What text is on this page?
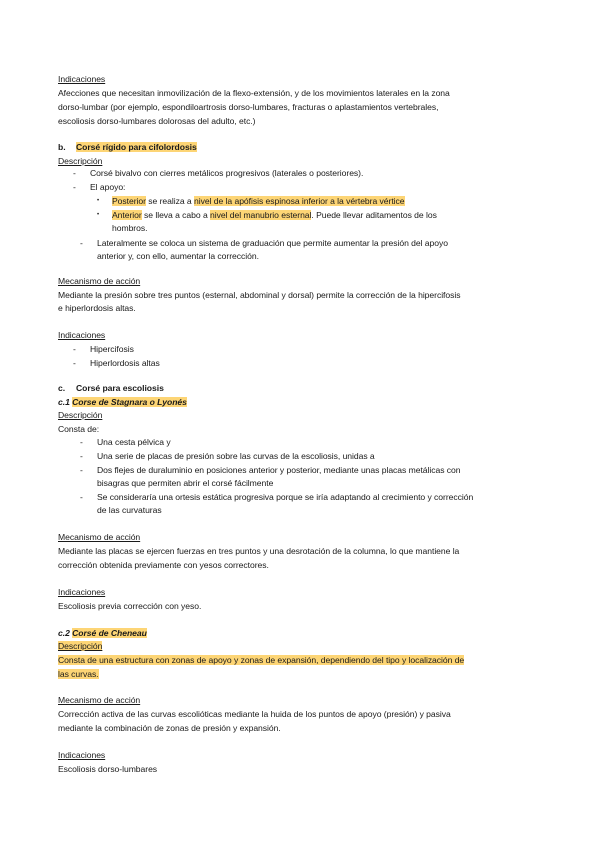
Indicaciones
Afecciones que necesitan inmovilización de la flexo-extensión, y de los movimientos laterales en la zona
dorso-lumbar (por ejemplo, espondiloartrosis dorso-lumbares, fracturas o aplastamientos vertebrales,
escoliosis dorso-lumbares dolorosas del adulto, etc.)
b. Corsé rígido para cifolordosis
Descripción
- Corsé bivalvo con cierres metálicos progresivos (laterales o posteriores).
- El apoyo:
• Posterior se realiza a nivel de la apófisis espinosa inferior a la vértebra vértice
• Anterior se lleva a cabo a nivel del manubrio esternal. Puede llevar aditamentos de los
hombros.
- Lateralmente se coloca un sistema de graduación que permite aumentar la presión del apoyo
anterior y, con ello, aumentar la corrección.
Mecanismo de acción
Mediante la presión sobre tres puntos (esternal, abdominal y dorsal) permite la corrección de la hipercifosis
e hiperlordosis altas.
Indicaciones
- Hipercifosis
- Hiperlordosis altas
c. Corsé para escoliosis
c.1 Corse de Stagnara o Lyonés
Descripción
Consta de:
- Una cesta pélvica y
- Una serie de placas de presión sobre las curvas de la escoliosis, unidas a
- Dos flejes de duraluminio en posiciones anterior y posterior, mediante unas placas metálicas con
bisagras que permiten abrir el corsé fácilmente
- Se consideraría una ortesis estática progresiva porque se iría adaptando al crecimiento y corrección
de las curvaturas
Mecanismo de acción
Mediante las placas se ejercen fuerzas en tres puntos y una desrotación de la columna, lo que mantiene la
corrección obtenida previamente con yesos correctores.
Indicaciones
Escoliosis previa corrección con yeso.
c.2 Corsé de Cheneau
Descripción
Consta de una estructura con zonas de apoyo y zonas de expansión, dependiendo del tipo y localización de
las curvas.
Mecanismo de acción
Corrección activa de las curvas escolióticas mediante la huida de los puntos de apoyo (presión) y pasiva
mediante la combinación de zonas de presión y expansión.
Indicaciones
Escoliosis dorso-lumbares
